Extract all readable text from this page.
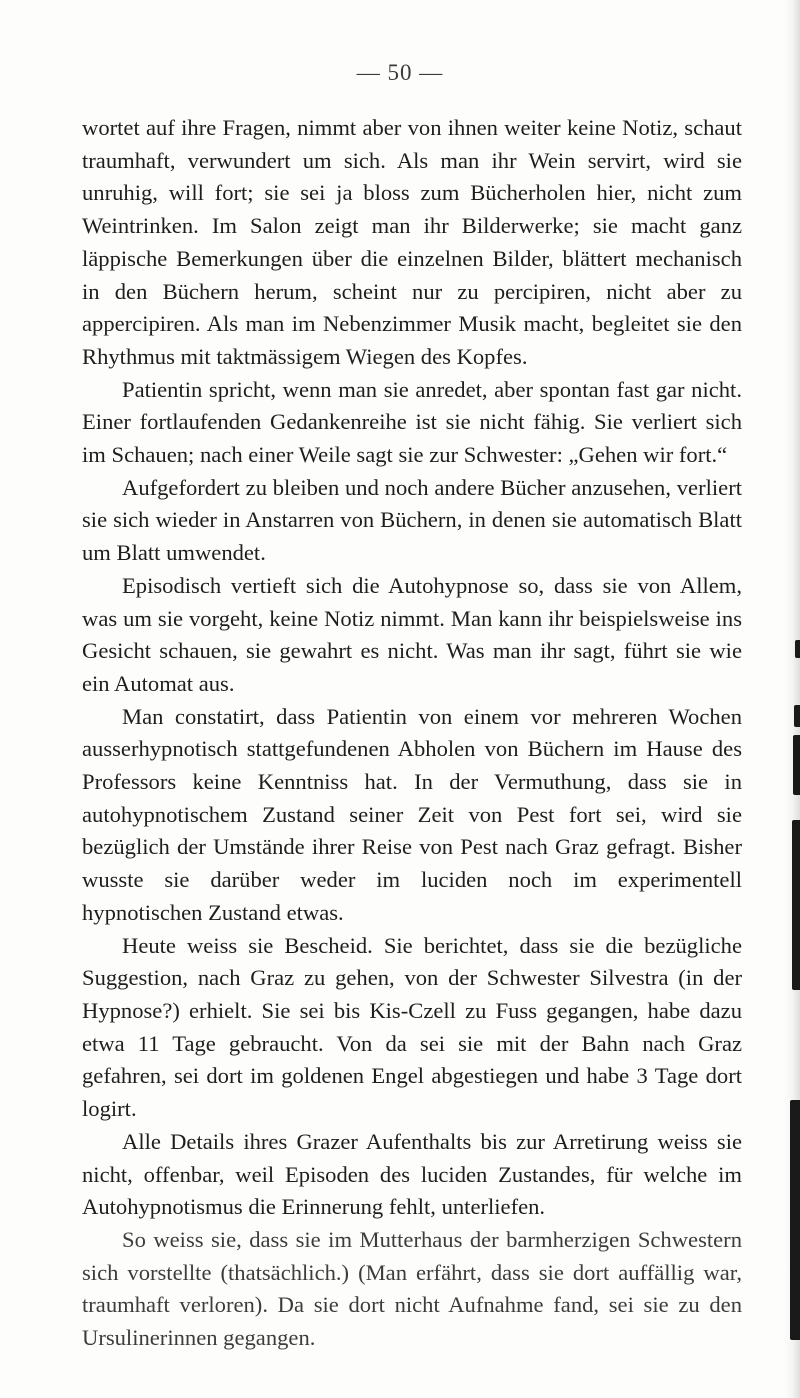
— 50 —

wortet auf ihre Fragen, nimmt aber von ihnen weiter keine Notiz, schaut traumhaft, verwundert um sich. Als man ihr Wein servirt, wird sie unruhig, will fort; sie sei ja bloss zum Bücherholen hier, nicht zum Weintrinken. Im Salon zeigt man ihr Bilderwerke; sie macht ganz läppische Bemerkungen über die einzelnen Bilder, blättert mechanisch in den Büchern herum, scheint nur zu percipiren, nicht aber zu appercipiren. Als man im Nebenzimmer Musik macht, begleitet sie den Rhythmus mit taktmässigem Wiegen des Kopfes.

Patientin spricht, wenn man sie anredet, aber spontan fast gar nicht. Einer fortlaufenden Gedankenreihe ist sie nicht fähig. Sie verliert sich im Schauen; nach einer Weile sagt sie zur Schwester: „Gehen wir fort.“

Aufgefordert zu bleiben und noch andere Bücher anzusehen, verliert sie sich wieder in Anstarren von Büchern, in denen sie automatisch Blatt um Blatt umwendet.

Episodisch vertieft sich die Autohypnose so, dass sie von Allem, was um sie vorgeht, keine Notiz nimmt. Man kann ihr beispielsweise ins Gesicht schauen, sie gewahrt es nicht. Was man ihr sagt, führt sie wie ein Automat aus.

Man constatirt, dass Patientin von einem vor mehreren Wochen ausserhypnotisch stattgefundenen Abholen von Büchern im Hause des Professors keine Kenntniss hat. In der Vermuthung, dass sie in autohypnotischem Zustand seiner Zeit von Pest fort sei, wird sie bezüglich der Umstände ihrer Reise von Pest nach Graz gefragt. Bisher wusste sie darüber weder im luciden noch im experimentell hypnotischen Zustand etwas.

Heute weiss sie Bescheid. Sie berichtet, dass sie die bezügliche Suggestion, nach Graz zu gehen, von der Schwester Silvestra (in der Hypnose?) erhielt. Sie sei bis Kis-Czell zu Fuss gegangen, habe dazu etwa 11 Tage gebraucht. Von da sei sie mit der Bahn nach Graz gefahren, sei dort im goldenen Engel abgestiegen und habe 3 Tage dort logirt.

Alle Details ihres Grazer Aufenthalts bis zur Arretirung weiss sie nicht, offenbar, weil Episoden des luciden Zustandes, für welche im Autohypnotismus die Erinnerung fehlt, unterliefen.

So weiss sie, dass sie im Mutterhaus der barmherzigen Schwestern sich vorstellte (thatsächlich.) (Man erfährt, dass sie dort auffällig war, traumhaft verloren). Da sie dort nicht Aufnahme fand, sei sie zu den Ursulinerinnen gegangen.
